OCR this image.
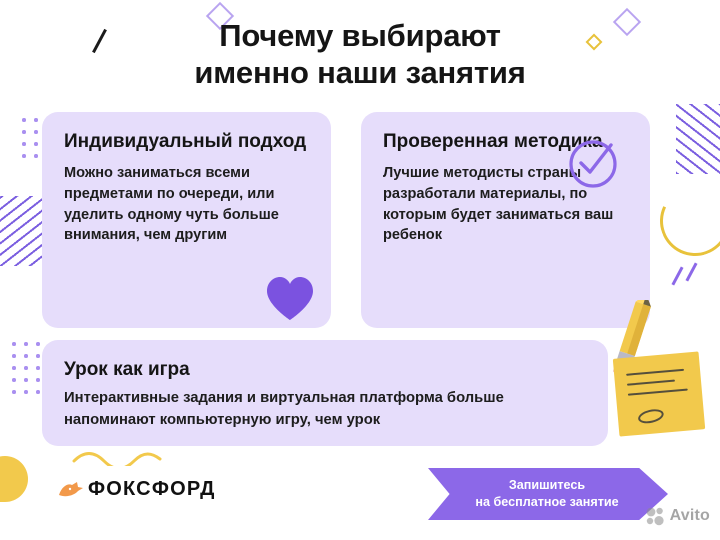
Почему выбирают
именно наши занятия
Индивидуальный подход

Можно заниматься всеми предметами по очереди, или уделить одному чуть больше внимания, чем другим

Проверенная методика

Лучшие методисты страны разработали материалы, по которым будет заниматься ваш ребенок

Урок как игра

Интерактивные задания и виртуальная платформа больше напоминают компьютерную игру, чем урок

ФОКСФОРД	Запишитесь
на бесплатное занятие
Avito
